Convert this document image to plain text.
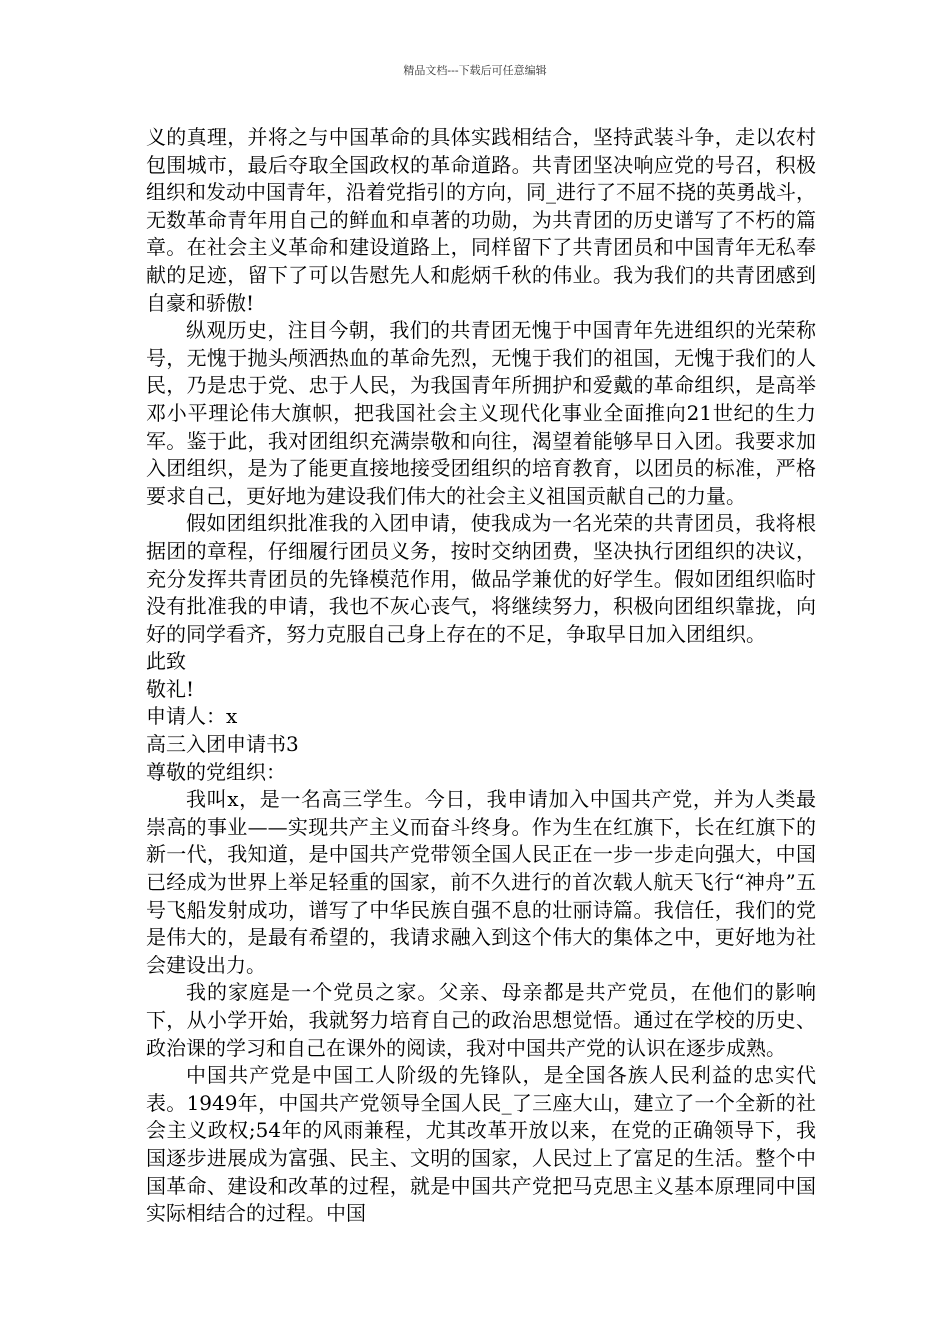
精品文档---下载后可任意编辑

义的真理，并将之与中国革命的具体实践相结合，坚持武装斗争，走以农村包围城市，最后夺取全国政权的革命道路。共青团坚决响应党的号召，积极组织和发动中国青年，沿着党指引的方向，同_进行了不屈不挠的英勇战斗，无数革命青年用自己的鲜血和卓著的功勋，为共青团的历史谱写了不朽的篇章。在社会主义革命和建设道路上，同样留下了共青团员和中国青年无私奉献的足迹，留下了可以告慰先人和彪炳千秋的伟业。我为我们的共青团感到自豪和骄傲!

纵观历史，注目今朝，我们的共青团无愧于中国青年先进组织的光荣称号，无愧于抛头颅洒热血的革命先烈，无愧于我们的祖国，无愧于我们的人民，乃是忠于党、忠于人民，为我国青年所拥护和爱戴的革命组织，是高举邓小平理论伟大旗帜，把我国社会主义现代化事业全面推向21世纪的生力军。鉴于此，我对团组织充满崇敬和向往，渴望着能够早日入团。我要求加入团组织，是为了能更直接地接受团组织的培育教育，以团员的标准，严格要求自己，更好地为建设我们伟大的社会主义祖国贡献自己的力量。

假如团组织批准我的入团申请，使我成为一名光荣的共青团员，我将根据团的章程，仔细履行团员义务，按时交纳团费，坚决执行团组织的决议，充分发挥共青团员的先锋模范作用，做品学兼优的好学生。假如团组织临时没有批准我的申请，我也不灰心丧气，将继续努力，积极向团组织靠拢，向好的同学看齐，努力克服自己身上存在的不足，争取早日加入团组织。

此致

敬礼!

申请人：x

高三入团申请书3

尊敬的党组织：

我叫x，是一名高三学生。今日，我申请加入中国共产党，并为人类最崇高的事业——实现共产主义而奋斗终身。作为生在红旗下，长在红旗下的新一代，我知道，是中国共产党带领全国人民正在一步一步走向强大，中国已经成为世界上举足轻重的国家，前不久进行的首次载人航天飞行“神舟”五号飞船发射成功，谱写了中华民族自强不息的壮丽诗篇。我信任，我们的党是伟大的，是最有希望的，我请求融入到这个伟大的集体之中，更好地为社会建设出力。

我的家庭是一个党员之家。父亲、母亲都是共产党员，在他们的影响下，从小学开始，我就努力培育自己的政治思想觉悟。通过在学校的历史、政治课的学习和自己在课外的阅读，我对中国共产党的认识在逐步成熟。

中国共产党是中国工人阶级的先锋队，是全国各族人民利益的忠实代表。1949年，中国共产党领导全国人民_了三座大山，建立了一个全新的社会主义政权;54年的风雨兼程，尤其改革开放以来，在党的正确领导下，我国逐步进展成为富强、民主、文明的国家，人民过上了富足的生活。整个中国革命、建设和改革的过程，就是中国共产党把马克思主义基本原理同中国实际相结合的过程。中国
